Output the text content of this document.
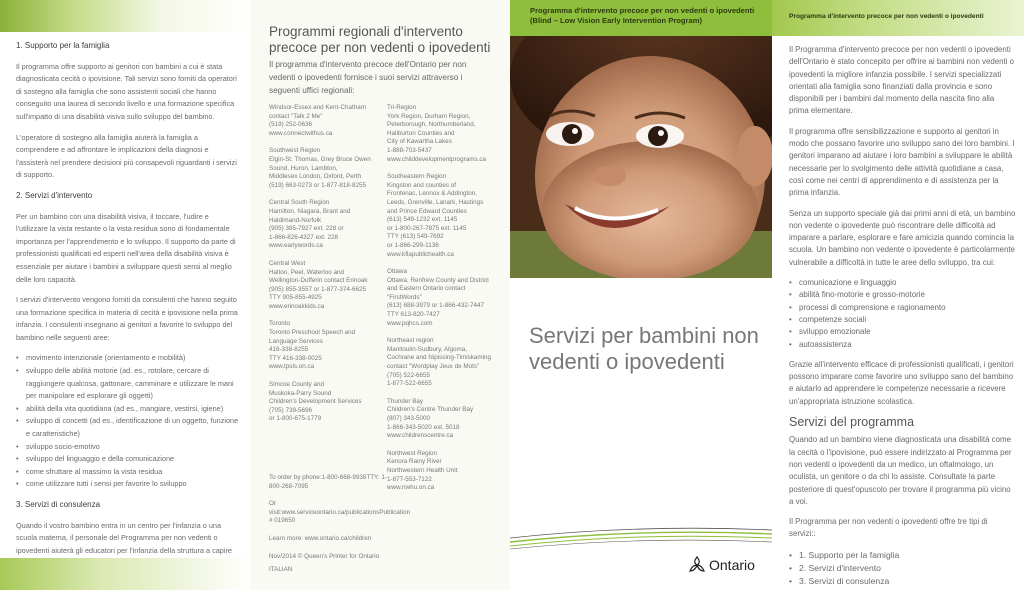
1. Supporto per la famiglia

Il programma offre supporto ai genitori con bambini a cui è stata diagnosticata cecità o ipovisione. Tali servizi sono forniti da operatori di sostegno alla famiglia che sono assistenti sociali che hanno conseguito una laurea di secondo livello e una formazione specifica sull'impatto di una disabilità visiva sullo sviluppo del bambino.

L'operatore di sostegno alla famiglia aiuterà la famiglia a comprendere e ad affrontare le implicazioni della diagnosi e l'assisterà nel prendere decisioni più consapevoli riguardanti i servizi di supporto.

2. Servizi d'intervento

Per un bambino con una disabilità visiva, il toccare, l'udire e l'utilizzare la vista restante o la vista residua sono di fondamentale importanza per l'apprendimento e lo sviluppo. Il supporto da parte di professionisti qualificati ed esperti nell'area della disabilità visiva è essenziale per aiutare i bambini a sviluppare questi sensi al meglio delle loro capacità.

I servizi d'intervento vengono forniti da consulenti che hanno seguito una formazione specifica in materia di cecità e ipovisione nella prima infanzia. I consulenti insegnano ai genitori a favorire lo sviluppo del bambino nelle seguenti aree:

• movimento intenzionale (orientamento e mobilità)
• sviluppo delle abilità motorie (ad. es., rotolare, cercare di raggiungere qualcosa, gattonare, camminare e utilizzare le mani per manipolare ed esplorare gli oggetti)
• abilità della vita quotidiana (ad es., mangiare, vestirsi, igiene)
• sviluppo di concetti (ad es., identificazione di un oggetto, funzione e caratteristiche)
• sviluppo socio-emotivo
• sviluppo del linguaggio e della comunicazione
• come sfruttare al massimo la vista residua
• come utilizzare tutti i sensi per favorire lo sviluppo
3. Servizi di consulenza

Quando il vostro bambino entra in un centro per l'infanzia o una scuola materna, il personale del Programma per non vedenti o ipovedenti aiuterà gli educatori per l'infanzia della struttura a capire

Programmi regionali d'intervento precoce per non vedenti o ipovedenti
Il programma d'intervento precoce dell'Ontario per non vedenti o ipovedenti fornisce i suoi servizi attraverso i seguenti uffici regionali:
Windsor-Essex and Kent-Chatham
contact "Talk 2 Me"
(519) 252-0636
www.connectwithus.ca
Southwest Region
Elgin-St. Thomas, Grey Bruce Owen
Sound, Huron, Lambton,
Middlesex London, Oxford, Perth
(519) 663-0273 or 1-877-818-8255
Central South Region
Hamilton, Niagara, Brant and
Haldimand-Norfolk
(905) 385-7927 ext. 228 or
1-866-826-4327 ext. 228
www.earlywords.ca
Central West
Halton, Peel, Waterloo and
Wellington-Dufferin contact Erinoak
(905) 855-3557 or 1-877-374-6625
TTY 905-855-4925
www.erinoakkids.ca
Toronto
Toronto Preschool Speech and
Language Services
416-338-8255
TTY 416-338-0025
www.tpsls.on.ca
Simcoe County and
Muskoka-Parry Sound
Children's Development Services
(705) 739-5696
or 1-800-675-1779
Tri-Region
York Region, Durham Region,
Peterborough, Northumberland,
Haliburton Counties and
City of Kawartha Lakes
1-888-703-5437
www.childdevelopmentprograms.ca
Southeastern Region
Kingston and counties of
Frontenac, Lennox & Addington,
Leeds, Grenville, Lanark, Hastings
and Prince Edward Counties
(613) 549-1232 ext. 1145
or 1-800-267-7875 ext. 1145
TTY (613) 549-7692
or 1-866-299-1136
www.kflapublichealth.ca
Ottawa
Ottawa, Renfrew County and District
and Eastern Ontario contact
"FirstWords"
(613) 688-3979 or 1-866-432-7447
TTY 613-820-7427
www.pqhcs.com
Northeast region
Manitoulin-Sudbury, Algoma,
Cochrane and Nipissing-Timiskaming
contact "Wordplay Jeux de Mots"
(705) 522-6655
1-877-522-6655
Thunder Bay
Children's Centre Thunder Bay
(807) 343-5000
1-866-343-5020 ext. 5018
www.childrenscentre.ca
Northwest Region
Kenora Rainy River
Northwestern Health Unit
1-877-553-7122
www.nwhu.on.ca
To order by phone:1-800-668-9938TTY: 1-800-268-7095
Or visit:www.serviceontario.ca/publicationsPublication # 019650
Learn more: www.ontario.ca/children
Nov/2014 © Queen's Printer for Ontario
ITALIAN
Programma d'intervento precoce per non vedenti o ipovedenti
(Blind – Low Vision Early Intervention Program)
Servizi per bambini non vedenti o ipovedenti
Ontario
Programma d'intervento precoce per non vedenti o ipovedenti

Il Programma d'intervento precoce per non vedenti o ipovedenti dell'Ontario è stato concepito per offrire ai bambini non vedenti o ipovedenti la migliore infanzia possibile. I servizi specializzati orientati alla famiglia sono finanziati dalla provincia e sono disponibili per i bambini dal momento della nascita fino alla prima elementare.

Il programma offre sensibilizzazione e supporto ai genitori in modo che possano favorire uno sviluppo sano dei loro bambini. I genitori imparano ad aiutare i loro bambini a sviluppare le abilità necessarie per lo svolgimento delle attività quotidiane a casa, così come nei centri di apprendimento e di assistenza per la prima infanzia.

Senza un supporto speciale già dai primi anni di età, un bambino non vedente o ipovedente può riscontrare delle difficoltà ad imparare a parlare, esplorare e fare amicizia quando comincia la scuola. Un bambino non vedente o ipovedente è particolarmente vulnerabile a difficoltà in tutte le aree dello sviluppo, tra cui:

• comunicazione e linguaggio
• abilità fino-motorie e grosso-motorie
• processi di comprensione e ragionamento
• competenze sociali
• sviluppo emozionale
• autoassistenza

Grazie all'intervento efficace di professionisti qualificati, i genitori possono imparare come favorire uno sviluppo sano del bambino e aiutarlo ad apprendere le competenze necessarie a ricevere un'appropriata istruzione scolastica.

Servizi del programma

Quando ad un bambino viene diagnosticata una disabilità come la cecità o l'ipovisione, può essere indirizzato al Programma per non vedenti o ipovedenti da un medico, un oftalmologo, un oculista, un genitore o da chi lo assiste. Consultate la parte posteriore di quest'opuscolo per trovare il programma più vicino a voi.

Il Programma per non vedenti o ipovedenti offre tre tipi di servizi::

• 1. Supporto per la famiglia
• 2. Servizi d'intervento
• 3. Servizi di consulenza
